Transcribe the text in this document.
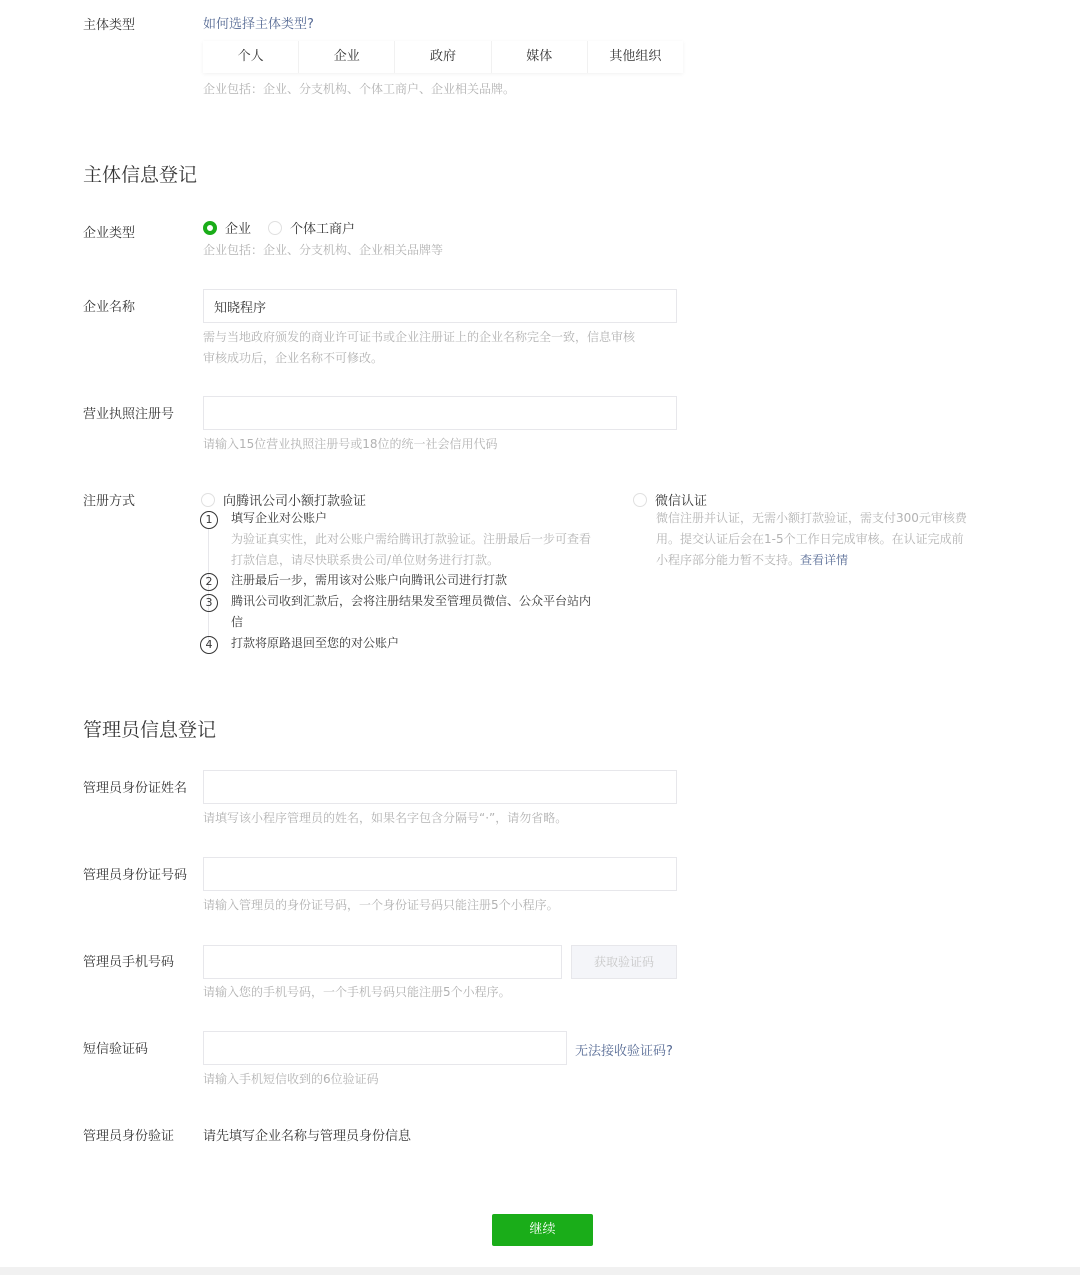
主体类型	如何选择主体类型?
个人	企业	政府	媒体	其他组织
企业包括：企业、分支机构、个体工商户、企业相关品牌。
主体信息登记
企业类型	企业	个体工商户
企业包括：企业、分支机构、企业相关品牌等
企业名称
知晓程序
需与当地政府颁发的商业许可证书或企业注册证上的企业名称完全一致，信息审核
审核成功后，企业名称不可修改。
营业执照注册号
请输入15位营业执照注册号或18位的统一社会信用代码
注册方式	向腾讯公司小额打款验证
1	填写企业对公账户
为验证真实性，此对公账户需给腾讯打款验证。注册最后一步可查看
打款信息，请尽快联系贵公司/单位财务进行打款。
2	注册最后一步，需用该对公账户向腾讯公司进行打款
3	腾讯公司收到汇款后，会将注册结果发至管理员微信、公众平台站内
信
4	打款将原路退回至您的对公账户
微信认证
微信注册并认证，无需小额打款验证，需支付300元审核费
用。提交认证后会在1-5个工作日完成审核。在认证完成前
小程序部分能力暂不支持。查看详情
管理员信息登记
管理员身份证姓名
请填写该小程序管理员的姓名，如果名字包含分隔号“·”，请勿省略。
管理员身份证号码
请输入管理员的身份证号码，一个身份证号码只能注册5个小程序。
管理员手机号码	获取验证码
请输入您的手机号码，一个手机号码只能注册5个小程序。
短信验证码	无法接收验证码?
请输入手机短信收到的6位验证码
管理员身份验证 请先填写企业名称与管理员身份信息
继续
